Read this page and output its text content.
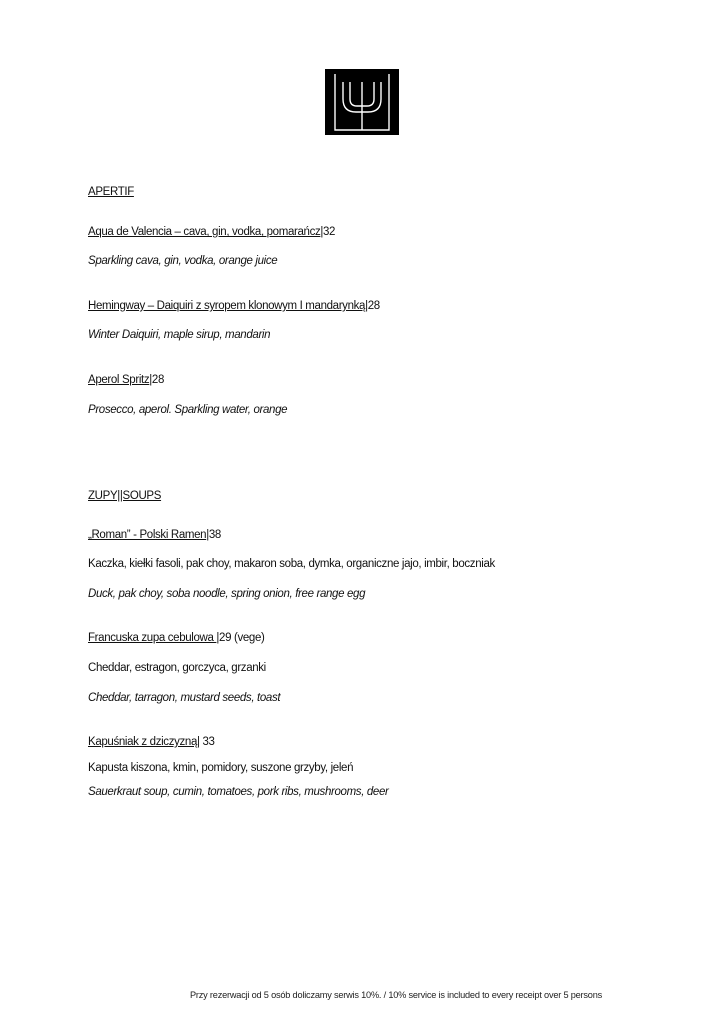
APERTIF
Aqua de Valencia – cava, gin, vodka, pomarańcz|32
Sparkling cava, gin, vodka, orange juice
Hemingway – Daiquiri z syropem klonowym I mandarynką|28
Winter Daiquiri, maple sirup, mandarin
Aperol Spritz|28
Prosecco, aperol. Sparkling water, orange
ZUPY||SOUPS
„Roman” - Polski Ramen|38
Kaczka, kiełki fasoli, pak choy, makaron soba, dymka, organiczne jajo, imbir, boczniak
Duck, pak choy, soba noodle, spring onion, free range egg
Francuska zupa cebulowa |29 (vege)
Cheddar, estragon, gorczyca, grzanki
Cheddar, tarragon, mustard seeds, toast
Kapuśniak z dziczyzną| 33
Kapusta kiszona, kmin, pomidory, suszone grzyby, jeleń
Sauerkraut soup, cumin, tomatoes, pork ribs, mushrooms, deer
Przy rezerwacji od 5 osób doliczamy serwis 10%. / 10% service is included to every receipt over 5 persons
